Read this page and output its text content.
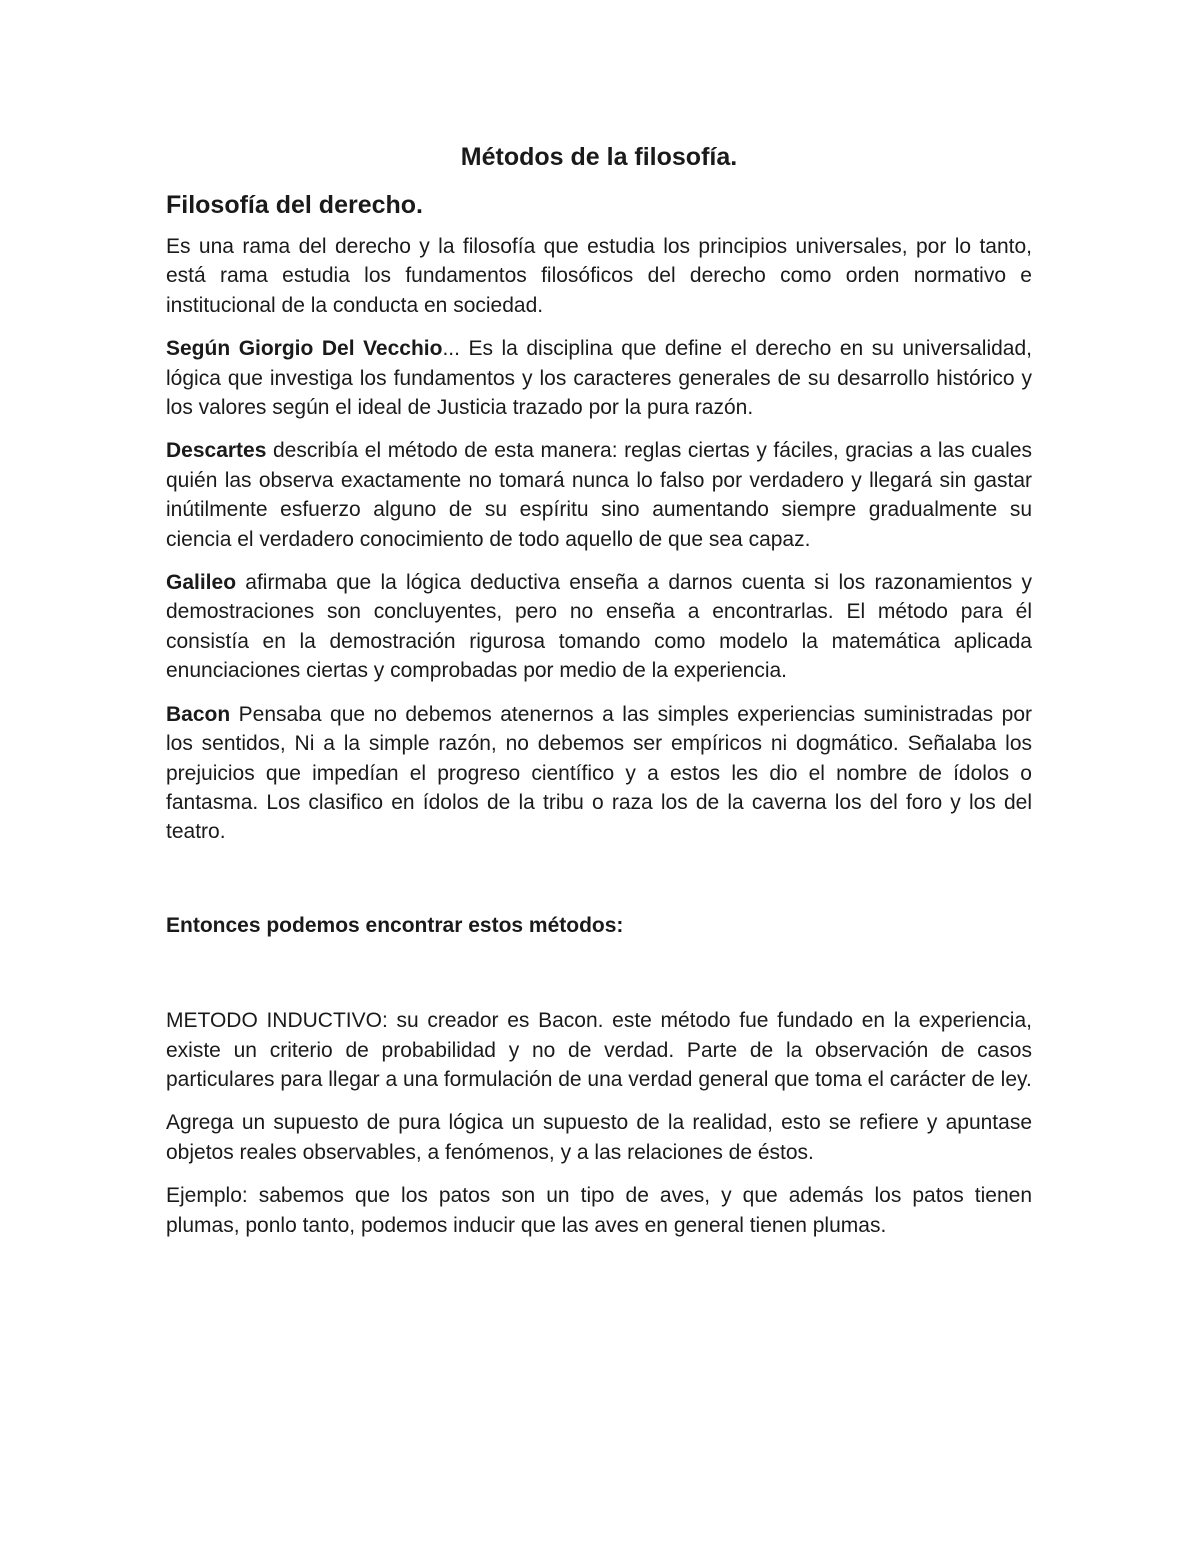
Métodos de la filosofía.
Filosofía del derecho.

Es una rama del derecho y la filosofía que estudia los principios universales, por lo tanto, está rama estudia los fundamentos filosóficos del derecho como orden normativo e institucional de la conducta en sociedad.

Según Giorgio Del Vecchio... Es la disciplina que define el derecho en su universalidad, lógica que investiga los fundamentos y los caracteres generales de su desarrollo histórico y los valores según el ideal de Justicia trazado por la pura razón.

Descartes describía el método de esta manera: reglas ciertas y fáciles, gracias a las cuales quién las observa exactamente no tomará nunca lo falso por verdadero y llegará sin gastar inútilmente esfuerzo alguno de su espíritu sino aumentando siempre gradualmente su ciencia el verdadero conocimiento de todo aquello de que sea capaz.

Galileo afirmaba que la lógica deductiva enseña a darnos cuenta si los razonamientos y demostraciones son concluyentes, pero no enseña a encontrarlas. El método para él consistía en la demostración rigurosa tomando como modelo la matemática aplicada enunciaciones ciertas y comprobadas por medio de la experiencia.

Bacon Pensaba que no debemos atenernos a las simples experiencias suministradas por los sentidos, Ni a la simple razón, no debemos ser empíricos ni dogmático. Señalaba los prejuicios que impedían el progreso científico y a estos les dio el nombre de ídolos o fantasma. Los clasifico en ídolos de la tribu o raza los de la caverna los del foro y los del teatro.

Entonces podemos encontrar estos métodos:

METODO INDUCTIVO: su creador es Bacon. este método fue fundado en la experiencia, existe un criterio de probabilidad y no de verdad. Parte de la observación de casos particulares para llegar a una formulación de una verdad general que toma el carácter de ley.

Agrega un supuesto de pura lógica un supuesto de la realidad, esto se refiere y apuntase objetos reales observables, a fenómenos, y a las relaciones de éstos.

Ejemplo: sabemos que los patos son un tipo de aves, y que además los patos tienen plumas, ponlo tanto, podemos inducir que las aves en general tienen plumas.
